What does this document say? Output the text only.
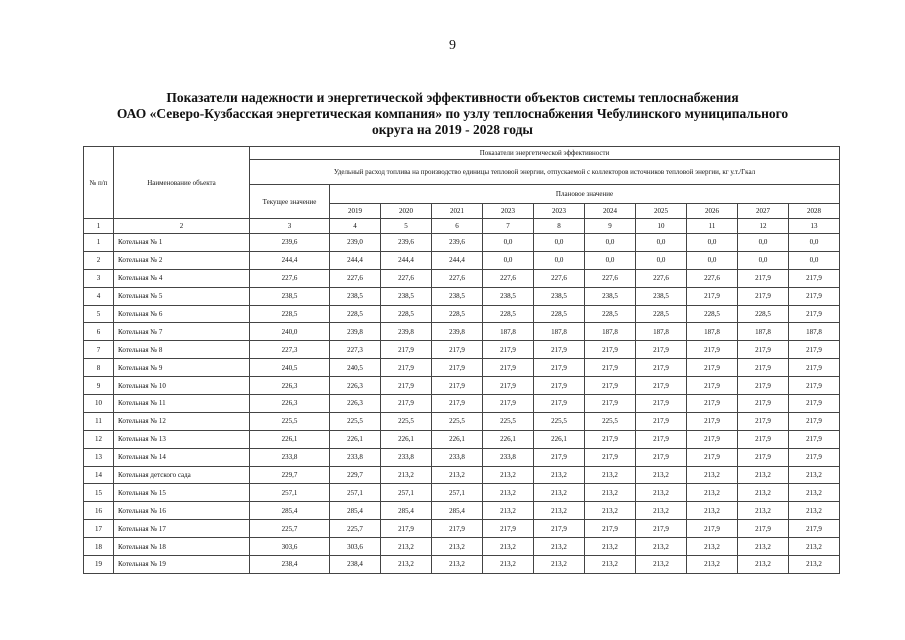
9
Показатели надежности и энергетической эффективности объектов системы теплоснабжения
ОАО «Северо-Кузбасская энергетическая компания» по узлу теплоснабжения Чебулинского муниципального
округа на 2019 - 2028 годы
№ п/п	Наименование объекта	Показатели энергетической эффективности										
		Удельный расход топлива на производство единицы тепловой энергии, отпускаемой с коллекторов источников тепловой энергии, кг у.т./Гкал										
		Текущее значение	Плановое значение									
			2019	2020	2021	2023	2023	2024	2025	2026	2027	2028
1	2	3	4	5	6	7	8	9	10	11	12	13
1	Котельная № 1	239,6	239,0	239,6	239,6	0,0	0,0	0,0	0,0	0,0	0,0	0,0
2	Котельная № 2	244,4	244,4	244,4	244,4	0,0	0,0	0,0	0,0	0,0	0,0	0,0
3	Котельная № 4	227,6	227,6	227,6	227,6	227,6	227,6	227,6	227,6	227,6	217,9	217,9
4	Котельная № 5	238,5	238,5	238,5	238,5	238,5	238,5	238,5	238,5	217,9	217,9	217,9
5	Котельная № 6	228,5	228,5	228,5	228,5	228,5	228,5	228,5	228,5	228,5	228,5	217,9
6	Котельная № 7	240,0	239,8	239,8	239,8	187,8	187,8	187,8	187,8	187,8	187,8	187,8
7	Котельная № 8	227,3	227,3	217,9	217,9	217,9	217,9	217,9	217,9	217,9	217,9	217,9
8	Котельная № 9	240,5	240,5	217,9	217,9	217,9	217,9	217,9	217,9	217,9	217,9	217,9
9	Котельная № 10	226,3	226,3	217,9	217,9	217,9	217,9	217,9	217,9	217,9	217,9	217,9
10	Котельная № 11	226,3	226,3	217,9	217,9	217,9	217,9	217,9	217,9	217,9	217,9	217,9
11	Котельная № 12	225,5	225,5	225,5	225,5	225,5	225,5	225,5	217,9	217,9	217,9	217,9
12	Котельная № 13	226,1	226,1	226,1	226,1	226,1	226,1	217,9	217,9	217,9	217,9	217,9
13	Котельная № 14	233,8	233,8	233,8	233,8	233,8	217,9	217,9	217,9	217,9	217,9	217,9
14	Котельная детского сада	229,7	229,7	213,2	213,2	213,2	213,2	213,2	213,2	213,2	213,2	213,2
15	Котельная № 15	257,1	257,1	257,1	257,1	213,2	213,2	213,2	213,2	213,2	213,2	213,2
16	Котельная № 16	285,4	285,4	285,4	285,4	213,2	213,2	213,2	213,2	213,2	213,2	213,2
17	Котельная № 17	225,7	225,7	217,9	217,9	217,9	217,9	217,9	217,9	217,9	217,9	217,9
18	Котельная № 18	303,6	303,6	213,2	213,2	213,2	213,2	213,2	213,2	213,2	213,2	213,2
19	Котельная № 19	238,4	238,4	213,2	213,2	213,2	213,2	213,2	213,2	213,2	213,2	213,2
